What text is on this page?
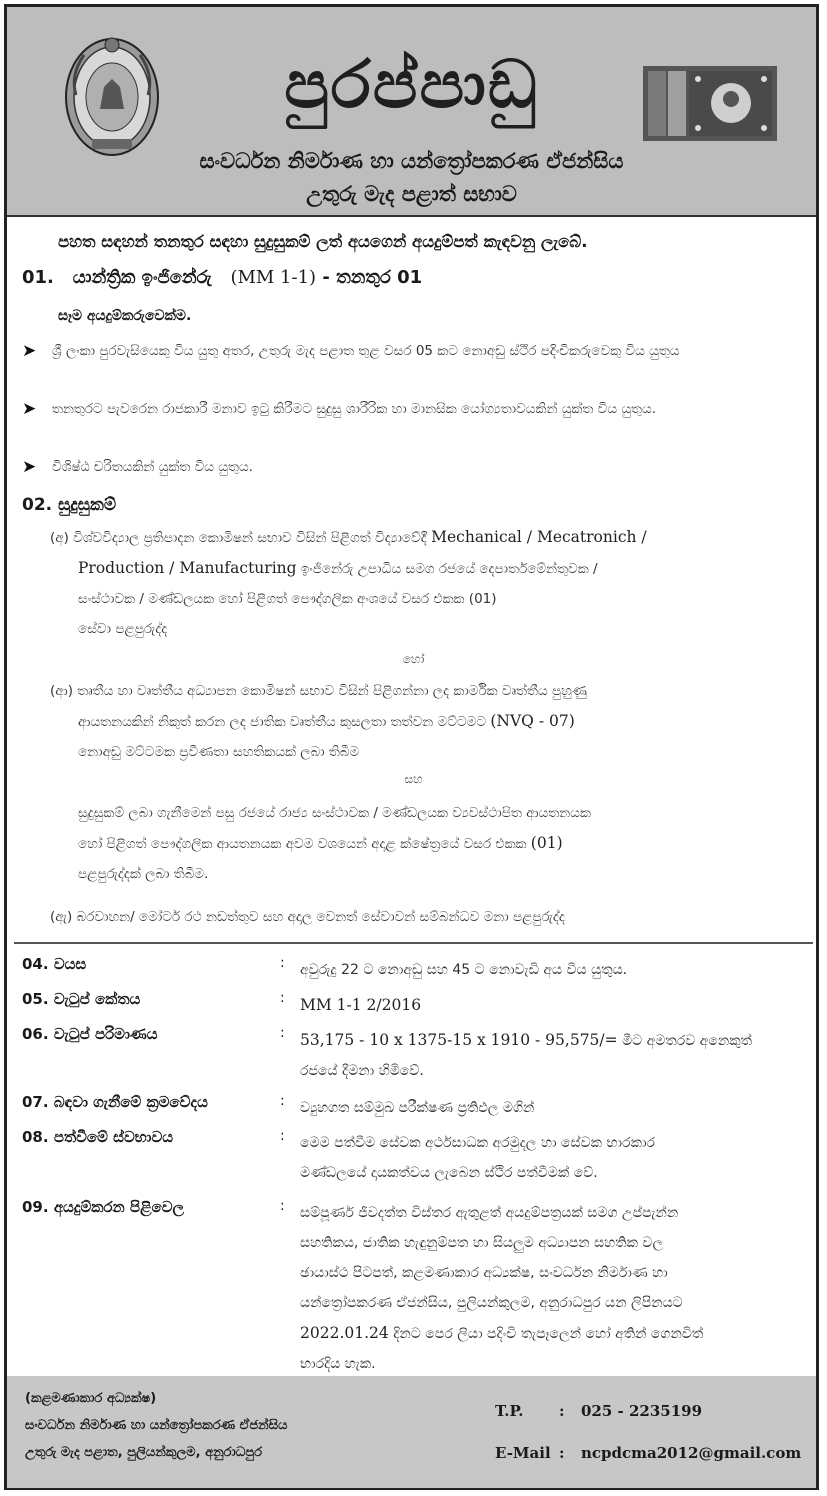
පුරප්පාඩු
සංවර්ධන නිර්මාණ හා යන්ත්‍රෝපකරණ ඒජන්සිය
උතුරු මැද පළාත් සභාව
පහත සඳහන් තනතුර සඳහා සුදුසුකම් ලත් අයගෙන් අයදුම්පත් කැඳවනු ලැබේ.
01. යාන්ත්‍රික ඉංජිනේරු (MM 1-1) - තනතුර 01
සෑම අයදුම්කරුවෙක්ම.
➤ ශ්‍රී ලංකා පුරවැසියෙකු විය යුතු අතර, උතුරු මැද පළාත තුළ වසර 05 කට නොඅඩු ස්ථිර පදිංචිකරුවෙකු විය යුතුය
➤ තනතුරට පැවරෙන රාජකාරී මනාව ඉටු කිරීමට සුදුසු ශාරීරික හා මානසික යෝග්‍යතාවයකින් යුක්ත විය යුතුය.
➤ විශිෂ්ඨ චරිතයකින් යුක්ත විය යුතුය.
02. සුදුසුකම්
(අ) විශ්වවිද්‍යාල ප්‍රතිපාදන කොමිෂන් සභාව විසින් පිළිගත් විද්‍යාවේදී Mechanical / Mecatronich /
Production / Manufacturing ඉංජිනේරු උපාධිය සමග රජයේ දෙපාර්තමේන්තුවක /
සංස්ථාවක / මණ්ඩලයක හෝ පිළිගත් පෞද්ගලික අංශයේ වසර එකක (01)
සේවා පළපුරුද්ද
හෝ
(ආ) තෘතීය හා වෘත්තීය අධ්‍යාපන කොමිෂන් සභාව විසින් පිළිගන්නා ලද කාර්මික වෘත්තීය පුහුණු
ආයතනයකින් නිකුත් කරන ලද ජාතික වෘත්තීය කුසලතා තත්වන මට්ටමට (NVQ - 07)
නොඅඩු මට්ටමක ප්‍රවීණතා සහතිකයක් ලබා තිබීම
සහ
සුදුසුකම් ලබා ගැනීමෙන් පසු රජයේ රාජ්‍ය සංස්ථාවක / මණ්ඩලයක ව්‍යවස්ථාපිත ආයතනයක
හෝ පිළිගත් පෞද්ගලික ආයතනයක අවම වශයෙන් අදාළ ක්ෂේත්‍රයේ වසර එකක (01)
පළපුරුද්දක් ලබා තිබීම.
(ඇ) බරවාහන/ මෝටර් රථ නඩත්තුව සහ අදාල වෙනත් සේවාවන් සම්බන්ධව මනා පළපුරුද්ද
04. වයස	: අවුරුදු 22 ට නොඅඩු සහ 45 ට නොවැඩි අය විය යුතුය.
05. වැටුප් කේතය	: MM 1-1 2/2016
06. වැටුප් පරිමාණය	: 53,175 - 10 x 1375-15 x 1910 - 95,575/= මීට අමතරව අනෙකුත්
රජයේ දීමනා හිමිවේ.
07. බඳවා ගැනීමේ ක්‍රමවේදය	: ව්‍යුහගත සම්මුඛ පරීක්ෂණ ප්‍රතිඵල මගින්
08. පත්වීමේ ස්වභාවය	: මෙම පත්වීම සේවක අර්ථසාධක අරමුදල හා සේවක භාරකාර
මණ්ඩලයේ දායකත්වය ලැබෙන ස්ථිර පත්වීමක් වේ.
09. අයදුම්කරන පිළිවෙල	: සම්පූර්ණ ජීවදත්ත විස්තර ඇතුළත් අයදුම්පත්‍රයක් සමග උප්පැන්න
සහතිකය, ජාතික හැඳුනුම්පත හා සියලුම අධ්‍යාපන සහතික වල
ඡායාස්ථ පිටපත්, කළමණාකාර අධ්‍යක්ෂ, සංවර්ධන නිර්මාණ හා
යන්ත්‍රෝපකරණ ඒජන්සිය, පුලියන්කුලම, අනුරාධපුර යන ලිපිනයට
2022.01.24 දිනට පෙර ලියා පදිංචි තැපෑලෙන් හෝ අතින් ගෙනවිත්
භාරදිය හැක.
(කළමණාකාර අධ්‍යක්ෂ)
සංවර්ධන නිර්මාණ හා යන්ත්‍රෝපකරණ ඒජන්සිය
උතුරු මැද පළාත, පුලියන්කුලම, අනුරාධපුර
T.P. : 025 - 2235199
E-Mail : ncpdcma2012@gmail.com
